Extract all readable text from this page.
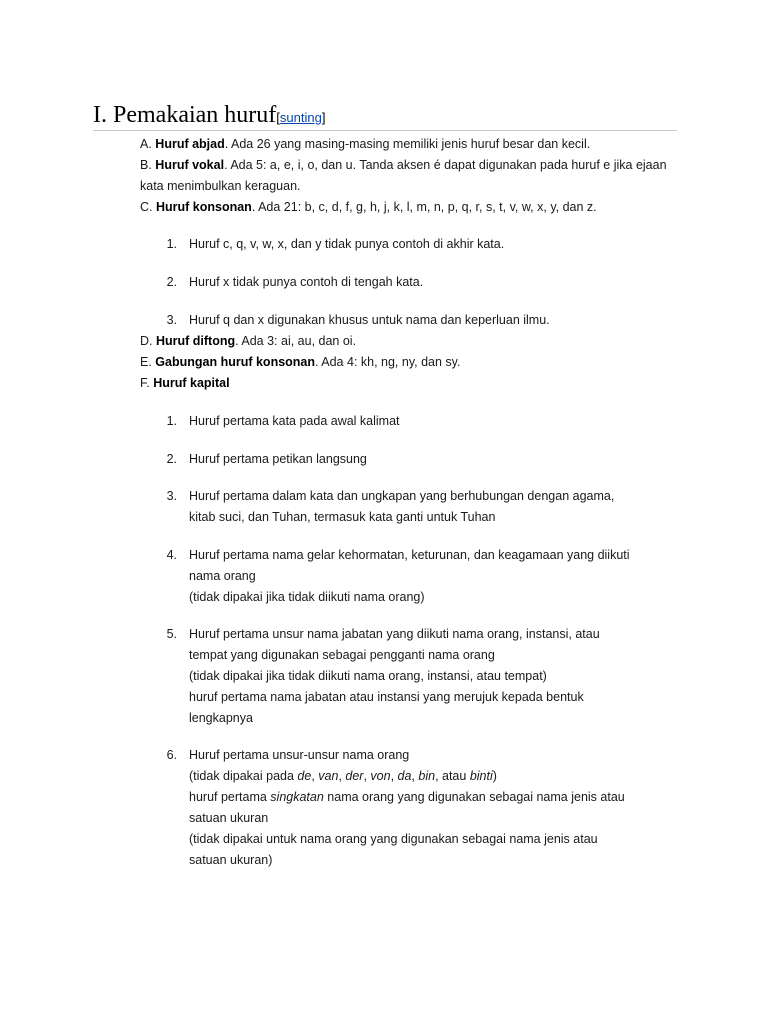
I. Pemakaian huruf[sunting]

A. Huruf abjad. Ada 26 yang masing-masing memiliki jenis huruf besar dan kecil.

B. Huruf vokal. Ada 5: a, e, i, o, dan u. Tanda aksen é dapat digunakan pada huruf e jika ejaan kata menimbulkan keraguan.

C. Huruf konsonan. Ada 21: b, c, d, f, g, h, j, k, l, m, n, p, q, r, s, t, v, w, x, y, dan z.

1. Huruf c, q, v, w, x, dan y tidak punya contoh di akhir kata.
2. Huruf x tidak punya contoh di tengah kata.
3. Huruf q dan x digunakan khusus untuk nama dan keperluan ilmu.

D. Huruf diftong. Ada 3: ai, au, dan oi.

E. Gabungan huruf konsonan. Ada 4: kh, ng, ny, dan sy.

F. Huruf kapital

1. Huruf pertama kata pada awal kalimat
2. Huruf pertama petikan langsung
3. Huruf pertama dalam kata dan ungkapan yang berhubungan dengan agama,
kitab suci, dan Tuhan, termasuk kata ganti untuk Tuhan
4. Huruf pertama nama gelar kehormatan, keturunan, dan keagamaan yang diikuti
nama orang
(tidak dipakai jika tidak diikuti nama orang)
5. Huruf pertama unsur nama jabatan yang diikuti nama orang, instansi, atau
tempat yang digunakan sebagai pengganti nama orang
(tidak dipakai jika tidak diikuti nama orang, instansi, atau tempat)
huruf pertama nama jabatan atau instansi yang merujuk kepada bentuk
lengkapnya
6. Huruf pertama unsur-unsur nama orang
(tidak dipakai pada de, van, der, von, da, bin, atau binti)
huruf pertama singkatan nama orang yang digunakan sebagai nama jenis atau
satuan ukuran
(tidak dipakai untuk nama orang yang digunakan sebagai nama jenis atau
satuan ukuran)
